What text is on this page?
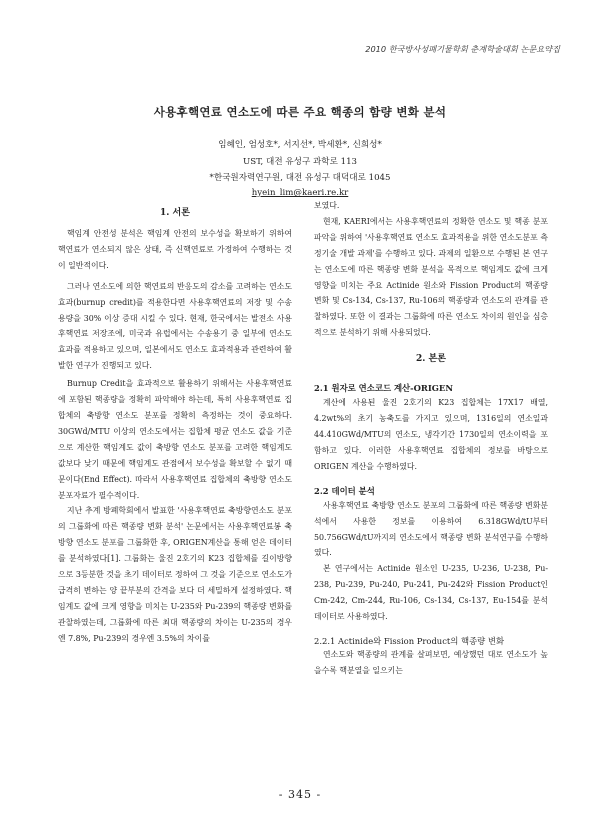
2010 한국방사성폐기물학회 춘계학술대회 논문요약집
사용후핵연료 연소도에 따른 주요 핵종의 함량 변화 분석
임혜인, 엄성호*, 서지선*, 박세환*, 신희성*
UST, 대전 유성구 과학로 113
*한국원자력연구원, 대전 유성구 대덕대로 1045
hyein_lim@kaeri.re.kr

1. 서론

핵임계 안전성 분석은 핵임계 안전의 보수성을 확보하기 위하여 핵연료가 연소되지 않은 상태, 즉 신핵연료로 가정하여 수행하는 것이 일반적이다.

그러나 연소도에 의한 핵연료의 반응도의 감소를 고려하는 연소도 효과(burnup credit)를 적용한다면 사용후핵연료의 저장 및 수송 용량을 30% 이상 증대 시킬 수 있다. 현재, 한국에서는 발전소 사용후핵연료 저장조에, 미국과 유럽에서는 수송용기 중 일부에 연소도 효과를 적용하고 있으며, 일본에서도 연소도 효과적용과 관련하여 활발한 연구가 진행되고 있다.

Burnup Credit을 효과적으로 활용하기 위해서는 사용후핵연료에 포함된 핵종량을 정확히 파악해야 하는데, 특히 사용후핵연료 집합체의 축방향 연소도 분포를 정확히 측정하는 것이 중요하다. 30GWd/MTU 이상의 연소도에서는 집합체 평균 연소도 값을 기준으로 계산한 핵임계도 값이 축방향 연소도 분포를 고려한 핵임계도 값보다 낮기 때문에 핵임계도 관점에서 보수성을 확보할 수 없기 때문이다(End Effect). 따라서 사용후핵연료 집합체의 축방향 연소도 분포자료가 필수적이다.

지난 추계 방폐학회에서 발표한 '사용후핵연료 축방향연소도 분포의 그룹화에 따른 핵종량 변화 분석' 논문에서는 사용후핵연료봉 축방향 연소도 분포를 그룹화한 후, ORIGEN계산을 통해 얻은 데이터를 분석하였다[1]. 그룹화는 울진 2호기의 K23 집합체를 길이방향으로 3등분한 것을 초기 데이터로 정하여 그 것을 기준으로 연소도가 급격히 변하는 양 끝부분의 간격을 보다 더 세밀하게 설정하였다. 핵임계도 값에 크게 영향을 미치는 U-235와 Pu-239의 핵종량 변화를 관찰하였는데, 그룹화에 따른 최대 핵종량의 차이는 U-235의 경우엔 7.8%, Pu-239의 경우엔 3.5%의 차이를

보였다.

현재, KAERI에서는 사용후핵연료의 정확한 연소도 및 핵종 분포 파악을 위하여 '사용후핵연료 연소도 효과적용을 위한 연소도분포 측정기술 개발 과제'를 수행하고 있다. 과제의 일환으로 수행된 본 연구는 연소도에 따른 핵종량 변화 분석을 목적으로 핵임계도 값에 크게 영향을 미치는 주요 Actinide 원소와 Fission Product의 핵종량 변화 및 Cs-134, Cs-137, Ru-106의 핵종량과 연소도의 관계를 관찰하였다. 또한 이 결과는 그룹화에 따른 연소도 차이의 원인을 심층적으로 분석하기 위해 사용되었다.

2. 본론

2.1 원자로 연소코드 계산-ORIGEN

계산에 사용된 울진 2호기의 K23 집합체는 17X17 배열, 4.2wt%의 초기 농축도를 가지고 있으며, 1316일의 연소일과 44.410GWd/MTU의 연소도, 냉각기간 1730일의 연소이력을 포함하고 있다. 이러한 사용후핵연료 집합체의 정보를 바탕으로 ORIGEN 계산을 수행하였다.

2.2 데이터 분석

사용후핵연료 축방향 연소도 분포의 그룹화에 따른 핵종량 변화분석에서 사용한 정보를 이용하여 6.318GWd/tU부터 50.756GWd/tU까지의 연소도에서 핵종량 변화 분석연구를 수행하였다.

본 연구에서는 Actinide 원소인 U-235, U-236, U-238, Pu-238, Pu-239, Pu-240, Pu-241, Pu-242와 Fission Product인 Cm-242, Cm-244, Ru-106, Cs-134, Cs-137, Eu-154를 분석 데이터로 사용하였다.

2.2.1 Actinide와 Fission Product의 핵종량 변화

연소도와 핵종량의 관계를 살펴보면, 예상했던 대로 연소도가 높을수록 핵분열을 일으키는

- 345 -
